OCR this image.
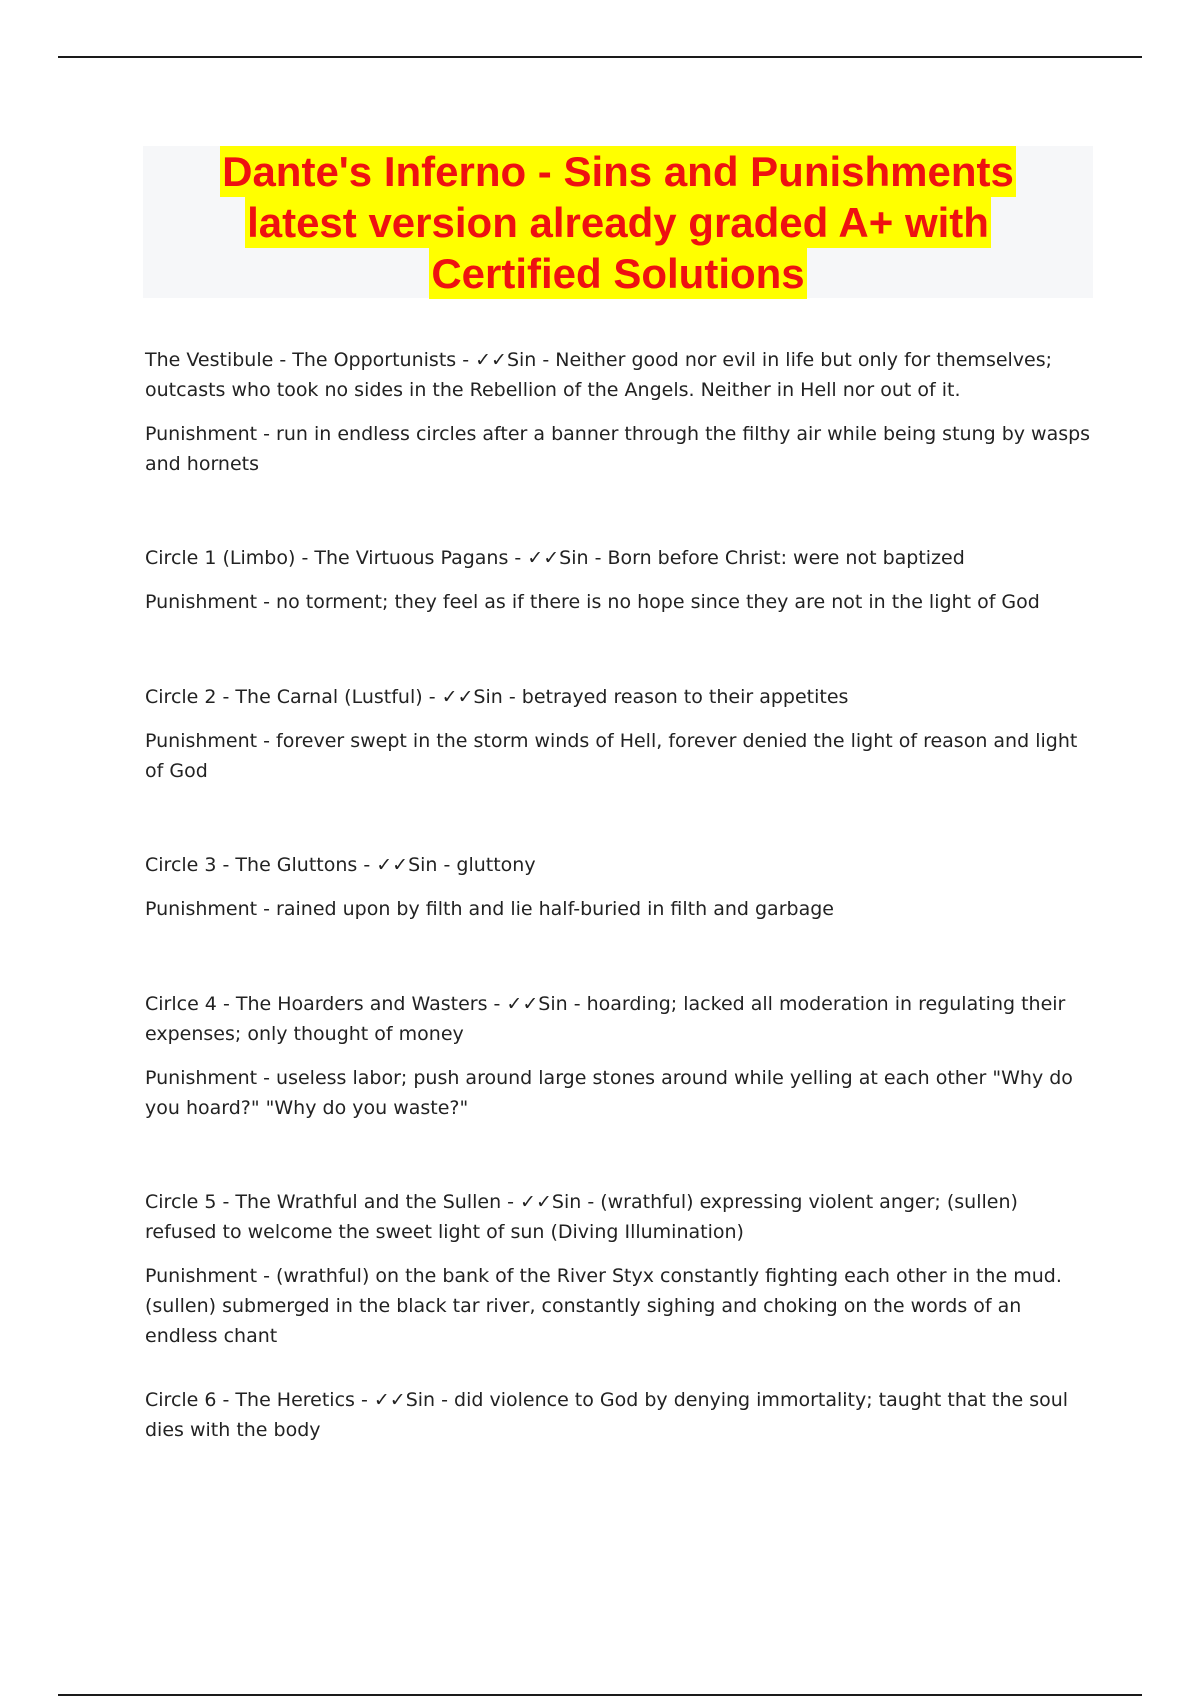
Dante's Inferno - Sins and Punishments
latest version already graded A+ with
Certified Solutions

The Vestibule - The Opportunists - ✓✓Sin - Neither good nor evil in life but only for themselves; outcasts who took no sides in the Rebellion of the Angels. Neither in Hell nor out of it.

Punishment - run in endless circles after a banner through the filthy air while being stung by wasps and hornets

Circle 1 (Limbo) - The Virtuous Pagans - ✓✓Sin - Born before Christ: were not baptized

Punishment - no torment; they feel as if there is no hope since they are not in the light of God

Circle 2 - The Carnal (Lustful) - ✓✓Sin - betrayed reason to their appetites

Punishment - forever swept in the storm winds of Hell, forever denied the light of reason and light of God

Circle 3 - The Gluttons - ✓✓Sin - gluttony

Punishment - rained upon by filth and lie half-buried in filth and garbage

Cirlce 4 - The Hoarders and Wasters - ✓✓Sin - hoarding; lacked all moderation in regulating their expenses; only thought of money

Punishment - useless labor; push around large stones around while yelling at each other "Why do you hoard?" "Why do you waste?"

Circle 5 - The Wrathful and the Sullen - ✓✓Sin - (wrathful) expressing violent anger; (sullen) refused to welcome the sweet light of sun (Diving Illumination)

Punishment - (wrathful) on the bank of the River Styx constantly fighting each other in the mud. (sullen) submerged in the black tar river, constantly sighing and choking on the words of an endless chant

Circle 6 - The Heretics - ✓✓Sin - did violence to God by denying immortality; taught that the soul dies with the body
